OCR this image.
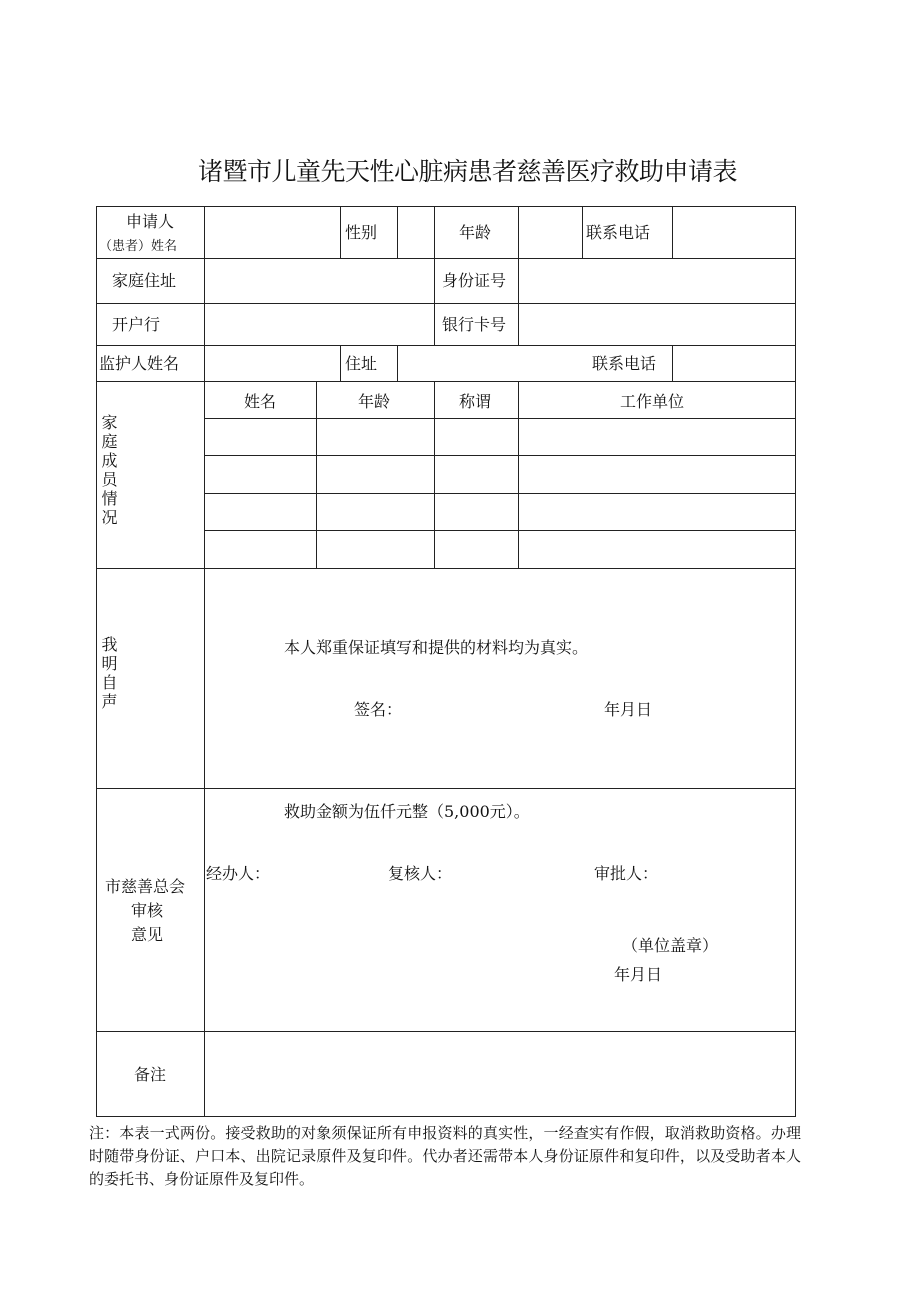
诸暨市儿童先天性心脏病患者慈善医疗救助申请表
申请人
（患者）姓名
性别	年龄	联系电话
家庭住址	身份证号
开户行	银行卡号
监护人姓名	住址	联系电话
家庭成员情况
姓名	年龄	称谓	工作单位
我明自声	本人郑重保证填写和提供的材料均为真实。
签名：	年月日
市慈善总会
审核
意见
救助金额为伍仟元整（5,000元）。
经办人：	复核人：	审批人：
（单位盖章）
年月日
备注
注：本表一式两份。接受救助的对象须保证所有申报资料的真实性，一经查实有作假，取消救助资格。办理时随带身份证、户口本、出院记录原件及复印件。代办者还需带本人身份证原件和复印件，以及受助者本人的委托书、身份证原件及复印件。
